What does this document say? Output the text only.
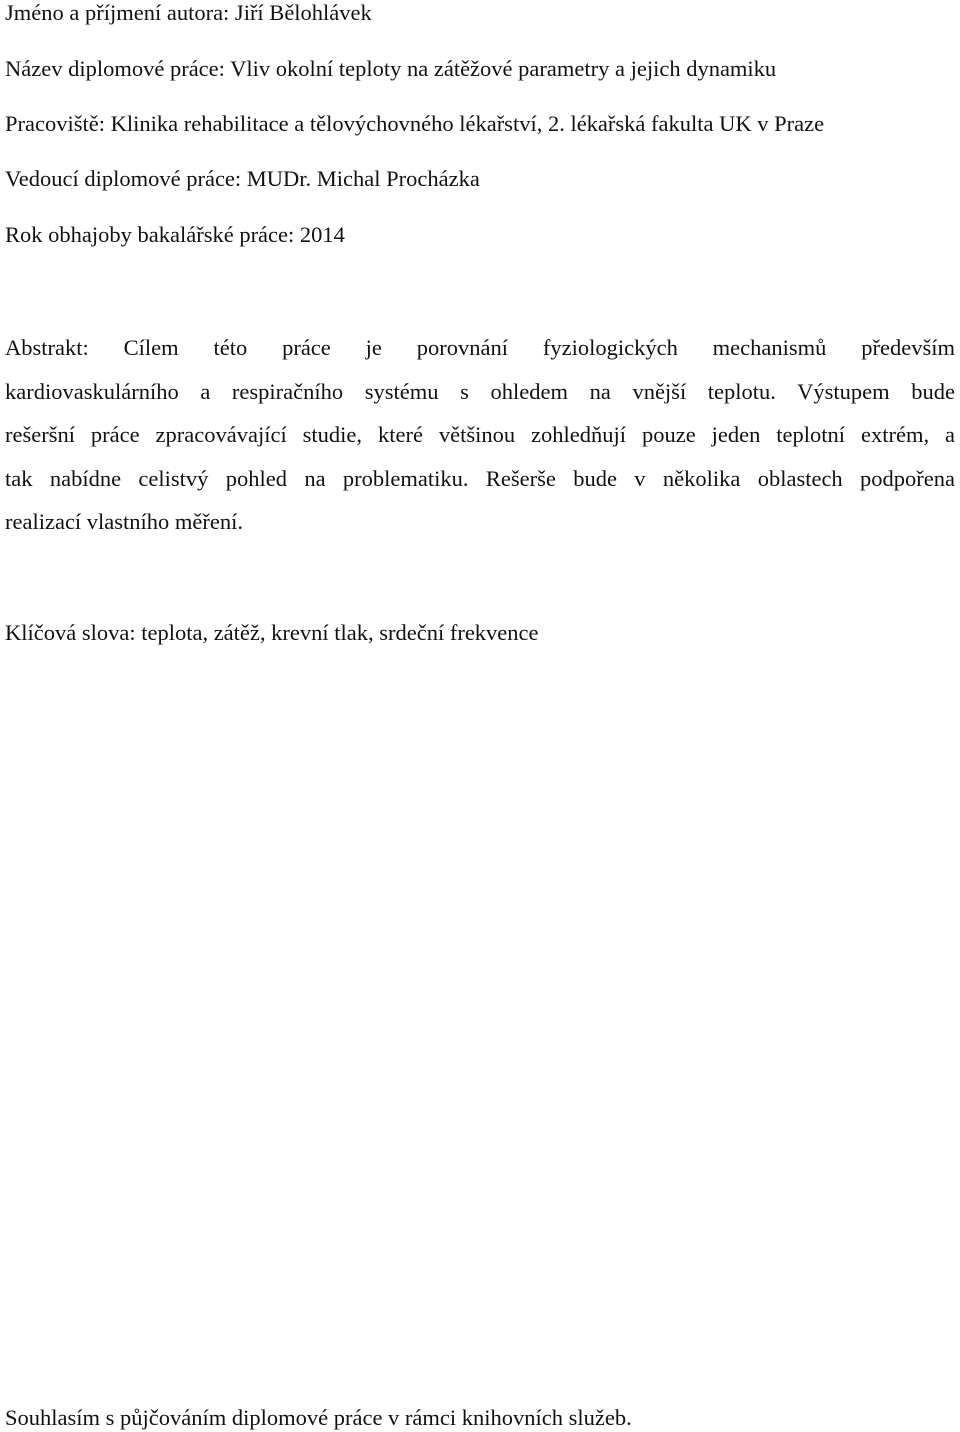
Jméno a příjmení autora: Jiří Bělohlávek
Název diplomové práce: Vliv okolní teploty na zátěžové parametry a jejich dynamiku
Pracoviště: Klinika rehabilitace a tělovýchovného lékařství, 2. lékařská fakulta UK v Praze
Vedoucí diplomové práce: MUDr. Michal Procházka
Rok obhajoby bakalářské práce: 2014
Abstrakt: Cílem této práce je porovnání fyziologických mechanismů především
kardiovaskulárního a respiračního systému s ohledem na vnější teplotu. Výstupem bude
rešeršní práce zpracovávající studie, které většinou zohledňují pouze jeden teplotní extrém, a
tak nabídne celistvý pohled na problematiku. Rešerše bude v několika oblastech podpořena
realizací vlastního měření.
Klíčová slova: teplota, zátěž, krevní tlak, srdeční frekvence
Souhlasím s půjčováním diplomové práce v rámci knihovních služeb.
